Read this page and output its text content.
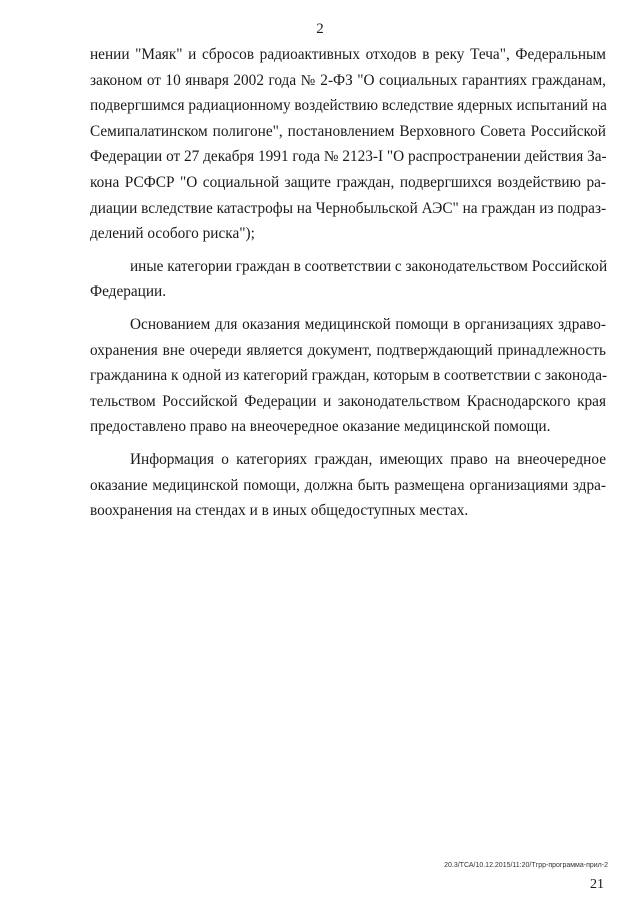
2
нении "Маяк" и сбросов радиоактивных отходов в реку Теча", Федеральным
законом от 10 января 2002 года № 2-ФЗ "О социальных гарантиях гражданам,
подвергшимся радиационному воздействию вследствие ядерных испытаний на
Семипалатинском полигоне", постановлением Верховного Совета Российской
Федерации от 27 декабря 1991 года № 2123-I "О распространении действия За-
кона РСФСР "О социальной защите граждан, подвергшихся воздействию ра-
диации вследствие катастрофы на Чернобыльской АЭС" на граждан из подраз-
делений особого риска");
иные категории граждан в соответствии с законодательством Российской
Федерации.
Основанием для оказания медицинской помощи в организациях здраво-
охранения вне очереди является документ, подтверждающий принадлежность
гражданина к одной из категорий граждан, которым в соответствии с законода-
тельством Российской Федерации и законодательством Краснодарского края
предоставлено право на внеочередное оказание медицинской помощи.
Информация о категориях граждан, имеющих право на внеочередное
оказание медицинской помощи, должна быть размещена организациями здра-
воохранения на стендах и в иных общедоступных местах.
20.3/ТСА/10.12.2015/11:20/Тгрр-программа-прил-2
21
